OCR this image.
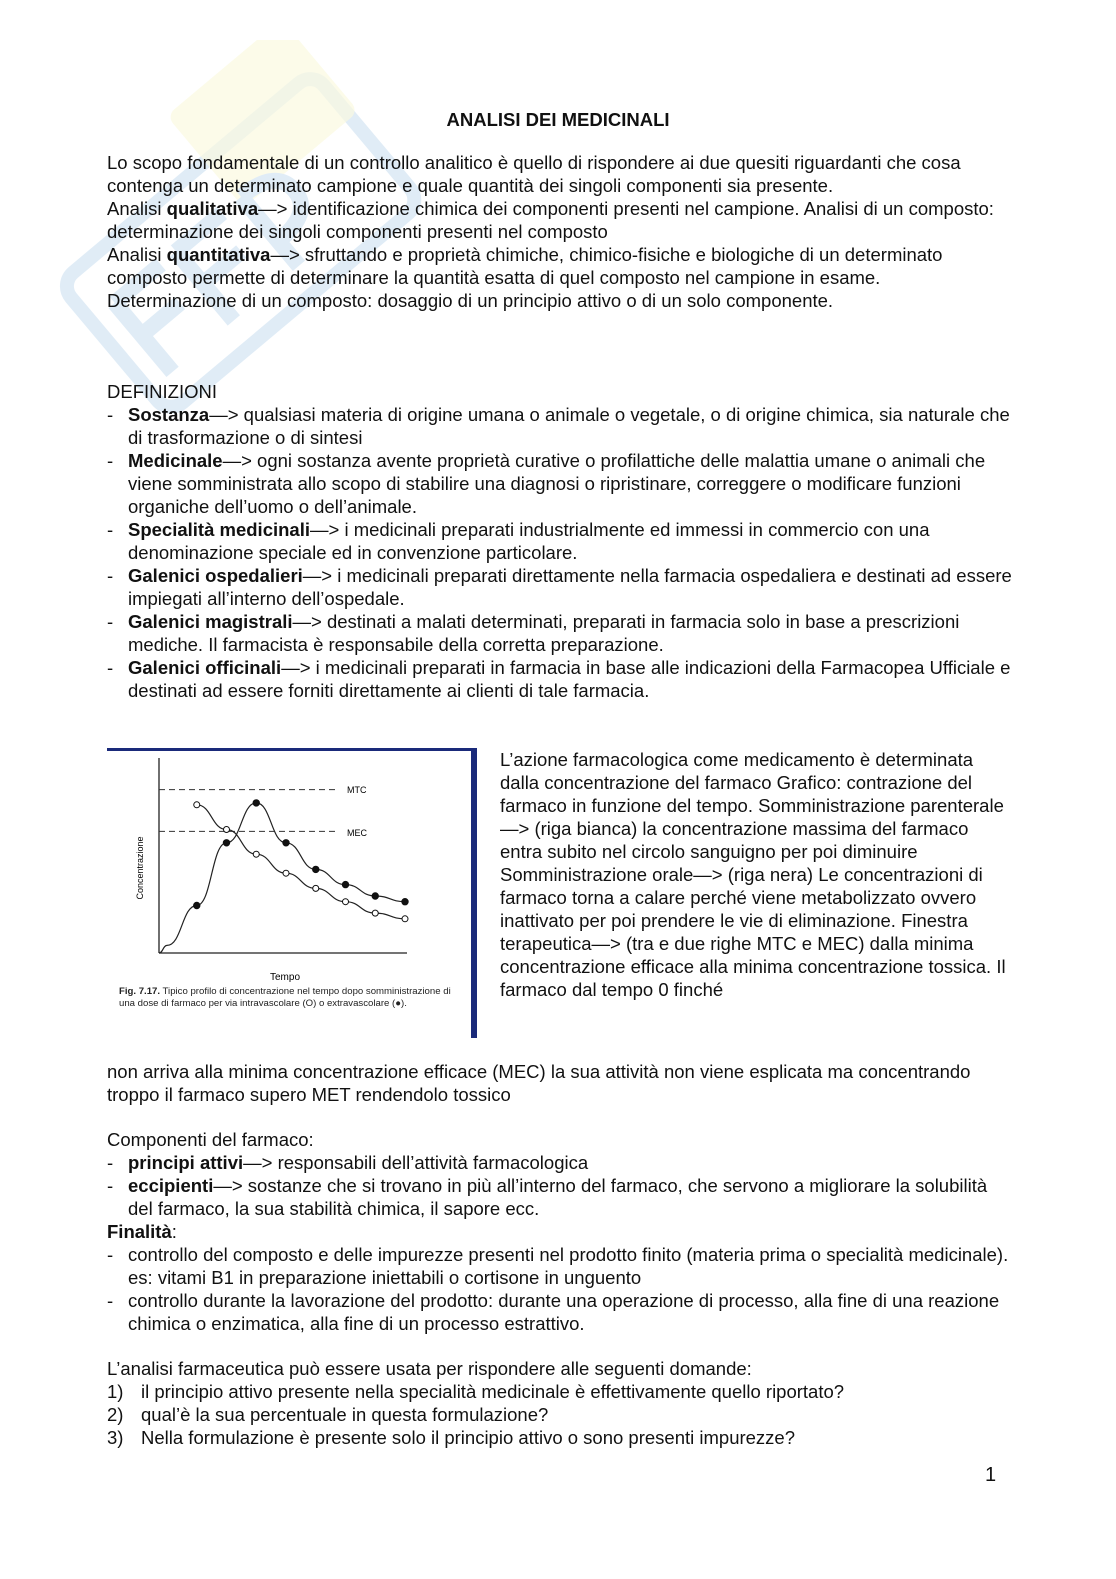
ANALISI DEI MEDICINALI

Lo scopo fondamentale di un controllo analitico è quello di rispondere ai due quesiti riguardanti che cosa contenga un determinato campione e quale quantità dei singoli componenti sia presente.

Analisi qualitativa—> identificazione chimica dei componenti presenti nel campione. Analisi di un composto: determinazione dei singoli componenti presenti nel composto

Analisi quantitativa—> sfruttando e proprietà chimiche, chimico-fisiche e biologiche di un determinato composto permette di determinare la quantità esatta di quel composto nel campione in esame. Determinazione di un composto: dosaggio di un principio attivo o di un solo componente.

DEFINIZIONI

- Sostanza—> qualsiasi materia di origine umana o animale o vegetale, o di origine chimica, sia naturale che di trasformazione o di sintesi
- Medicinale—> ogni sostanza avente proprietà curative o profilattiche delle malattia umane o animali che viene somministrata allo scopo di stabilire una diagnosi o ripristinare, correggere o modificare funzioni organiche dell’uomo o dell’animale.
- Specialità medicinali—> i medicinali preparati industrialmente ed immessi in commercio con una denominazione speciale ed in convenzione particolare.
- Galenici ospedalieri—> i medicinali preparati direttamente nella farmacia ospedaliera e destinati ad essere impiegati all’interno dell’ospedale.
- Galenici magistrali—> destinati a malati determinati, preparati in farmacia solo in base a prescrizioni mediche. Il farmacista è responsabile della corretta preparazione.
- Galenici officinali—> i medicinali preparati in farmacia in base alle indicazioni della Farmacopea Ufficiale e destinati ad essere forniti direttamente ai clienti di tale farmacia.
MTC
MEC
Concentrazione
Tempo
Fig. 7.17. Tipico profilo di concentrazione nel tempo dopo somministrazione di una dose di farmaco per via intravascolare (O) o extravascolare (●).
L’azione farmacologica come medicamento è determinata dalla concentrazione del farmaco Grafico: contrazione del farmaco in funzione del tempo. Somministrazione parenterale—> (riga bianca) la concentrazione massima del farmaco entra subito nel circolo sanguigno per poi diminuire Somministrazione orale—> (riga nera) Le concentrazioni di farmaco torna a calare perché viene metabolizzato ovvero inattivato per poi prendere le vie di eliminazione. Finestra terapeutica—> (tra e due righe MTC e MEC) dalla minima concentrazione efficace alla minima concentrazione tossica. Il farmaco dal tempo 0 finché
non arriva alla minima concentrazione efficace (MEC) la sua attività non viene esplicata ma concentrando troppo il farmaco supero MET rendendolo tossico

Componenti del farmaco:

- principi attivi—> responsabili dell’attività farmacologica
- eccipienti—> sostanze che si trovano in più all’interno del farmaco, che servono a migliorare la solubilità del farmaco, la sua stabilità chimica, il sapore ecc.

Finalità:

- controllo del composto e delle impurezze presenti nel prodotto finito (materia prima o specialità medicinale). es: vitami B1 in preparazione iniettabili o cortisone in unguento
- controllo durante la lavorazione del prodotto: durante una operazione di processo, alla fine di una reazione chimica o enzimatica, alla fine di un processo estrattivo.

L’analisi farmaceutica può essere usata per rispondere alle seguenti domande:

1) il principio attivo presente nella specialità medicinale è effettivamente quello riportato?
2) qual’è la sua percentuale in questa formulazione?
3) Nella formulazione è presente solo il principio attivo o sono presenti impurezze?
1
